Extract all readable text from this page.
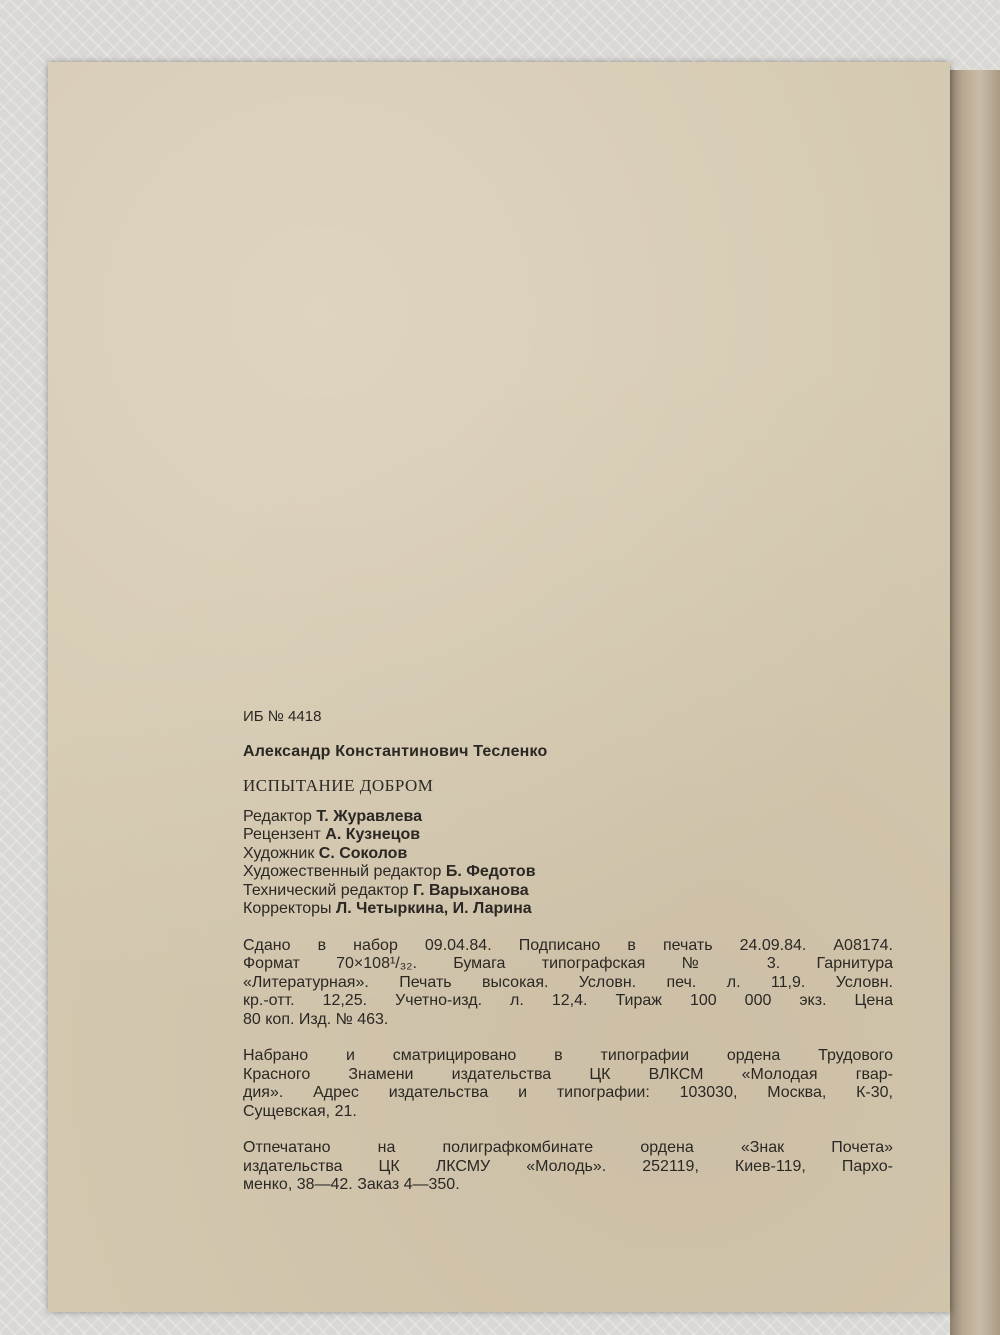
ИБ № 4418
Александр Константинович Тесленко
ИСПЫТАНИЕ ДОБРОМ
Редактор Т. Журавлева
Рецензент А. Кузнецов
Художник С. Соколов
Художественный редактор Б. Федотов
Технический редактор Г. Варыханова
Корректоры Л. Четыркина, И. Ларина
Сдано в набор 09.04.84. Подписано в печать 24.09.84. А08174.
Формат 70×108¹/₃₂. Бумага типографская № 3. Гарнитура
«Литературная». Печать высокая. Условн. печ. л. 11,9. Условн.
кр.-отт. 12,25. Учетно-изд. л. 12,4. Тираж 100 000 экз. Цена
80 коп. Изд. № 463.
Набрано и сматрицировано в типографии ордена Трудового
Красного Знамени издательства ЦК ВЛКСМ «Молодая гвар-
дия». Адрес издательства и типографии: 103030, Москва, К-30,
Сущевская, 21.
Отпечатано на полиграфкомбинате ордена «Знак Почета»
издательства ЦК ЛКСМУ «Молодь». 252119, Киев-119, Пархо-
менко, 38—42. Заказ 4—350.
